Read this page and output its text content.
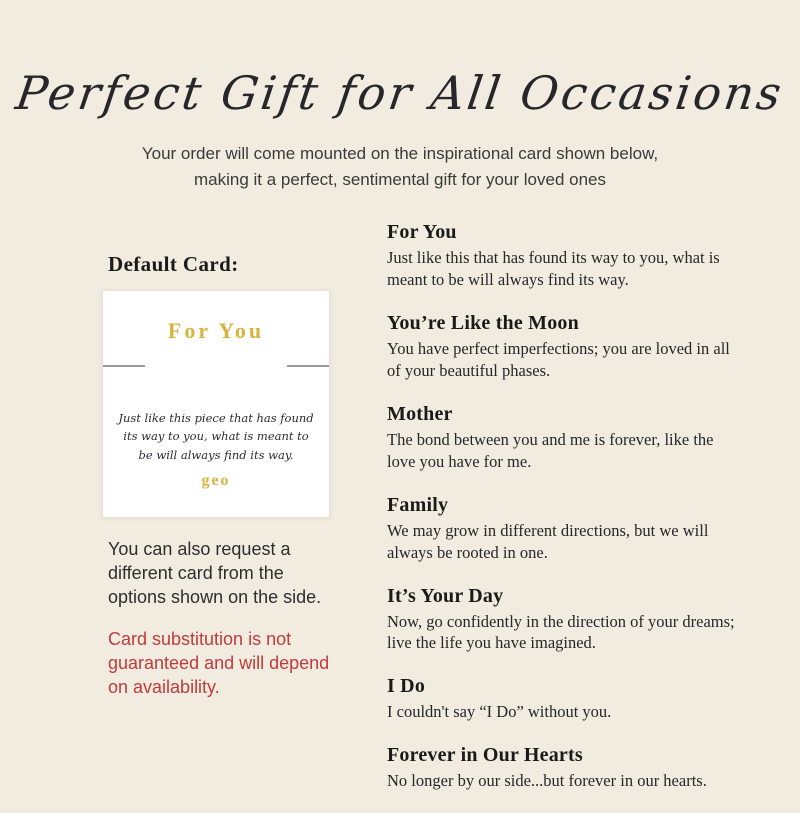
Perfect Gift for All Occasions

Your order will come mounted on the inspirational card shown below,
making it a perfect, sentimental gift for your loved ones

Default Card:
For You
Just like this piece that has found its way to you, what is meant to be will always find its way.
geo

You can also request a different card from the options shown on the side.

Card substitution is not guaranteed and will depend on availability.

For You

Just like this that has found its way to you, what is meant to be will always find its way.

You’re Like the Moon

You have perfect imperfections; you are loved in all of your beautiful phases.

Mother

The bond between you and me is forever, like the love you have for me.

Family

We may grow in different directions, but we will always be rooted in one.

It’s Your Day

Now, go confidently in the direction of your dreams; live the life you have imagined.

I Do

I couldn't say “I Do” without you.

Forever in Our Hearts

No longer by our side...but forever in our hearts.
